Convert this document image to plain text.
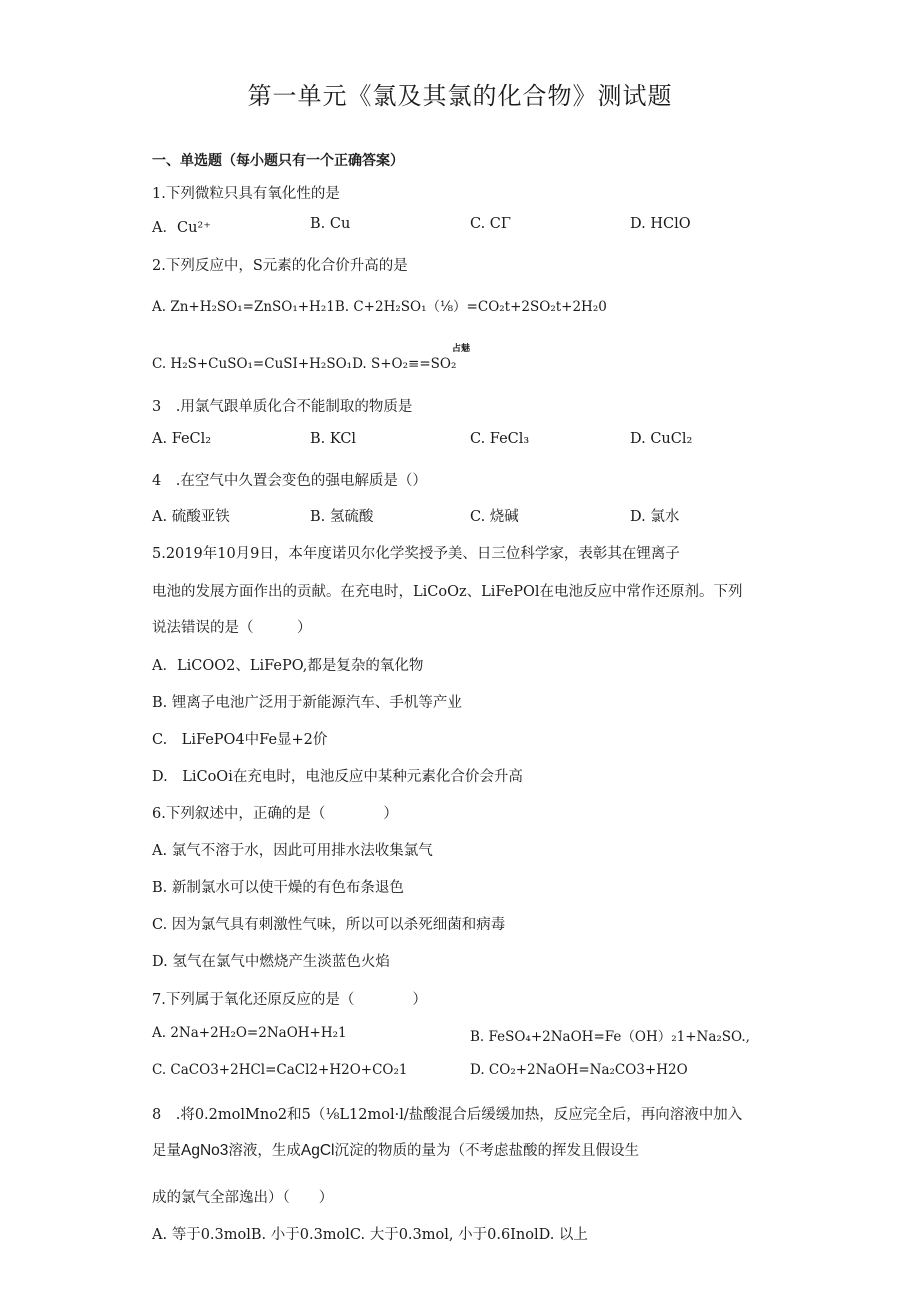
第一单元《氯及其氯的化合物》测试题
一、单选题（每小题只有一个正确答案）
1.下列微粒只具有氧化性的是
A．Cu²⁺	B. Cu	C. CΓ	D. HClO
2.下列反应中，S元素的化合价升高的是
A. Zn+H₂SO₁=ZnSO₁+H₂1B. C+2H₂SO₁（⅛）=CO₂t+2SO₂t+2H₂0
占魅
C. H₂S+CuSO₁=CuSI+H₂SO₁D. S+O₂≡=SO₂
3　.用氯气跟单质化合不能制取的物质是
A. FeCl₂	B. KCl	C. FeCl₃	D. CuCl₂
4　.在空气中久置会变色的强电解质是（）
A. 硫酸亚铁	B. 氢硫酸	C. 烧碱	D. 氯水
5.2019年10月9日，本年度诺贝尔化学奖授予美、日三位科学家，表彰其在锂离子
电池的发展方面作出的贡献。在充电时，LiCoOz、LiFePOl在电池反应中常作还原剂。下列
说法错误的是（　　　）
A．LiCOO2、LiFePO,都是复杂的氧化物
B. 锂离子电池广泛用于新能源汽车、手机等产业
C.　LiFePO4中Fe显+2价
D.　LiCoOi在充电时，电池反应中某种元素化合价会升高
6.下列叙述中，正确的是（　　　　）
A. 氯气不溶于水，因此可用排水法收集氯气
B. 新制氯水可以使干燥的有色布条退色
C. 因为氯气具有刺激性气味，所以可以杀死细菌和病毒
D. 氢气在氯气中燃烧产生淡蓝色火焰
7.下列属于氧化还原反应的是（　　　　）
A. 2Na+2H₂O=2NaOH+H₂1	B. FeSO₄+2NaOH=Fe（OH）₂1+Na₂SO.,
C. CaCO3+2HCl=CaCl2+H2O+CO₂1	D. CO₂+2NaOH=Na₂CO3+H2O
8　.将0.2molMno2和5（⅛L12mol·l/盐酸混合后缓缓加热，反应完全后，再向溶液中加入
足量AgNo3溶液，生成AgCl沉淀的物质的量为（不考虑盐酸的挥发且假设生
成的氯气全部逸出）（　　）
A. 等于0.3molB. 小于0.3molC. 大于0.3mol, 小于0.6InolD. 以上
